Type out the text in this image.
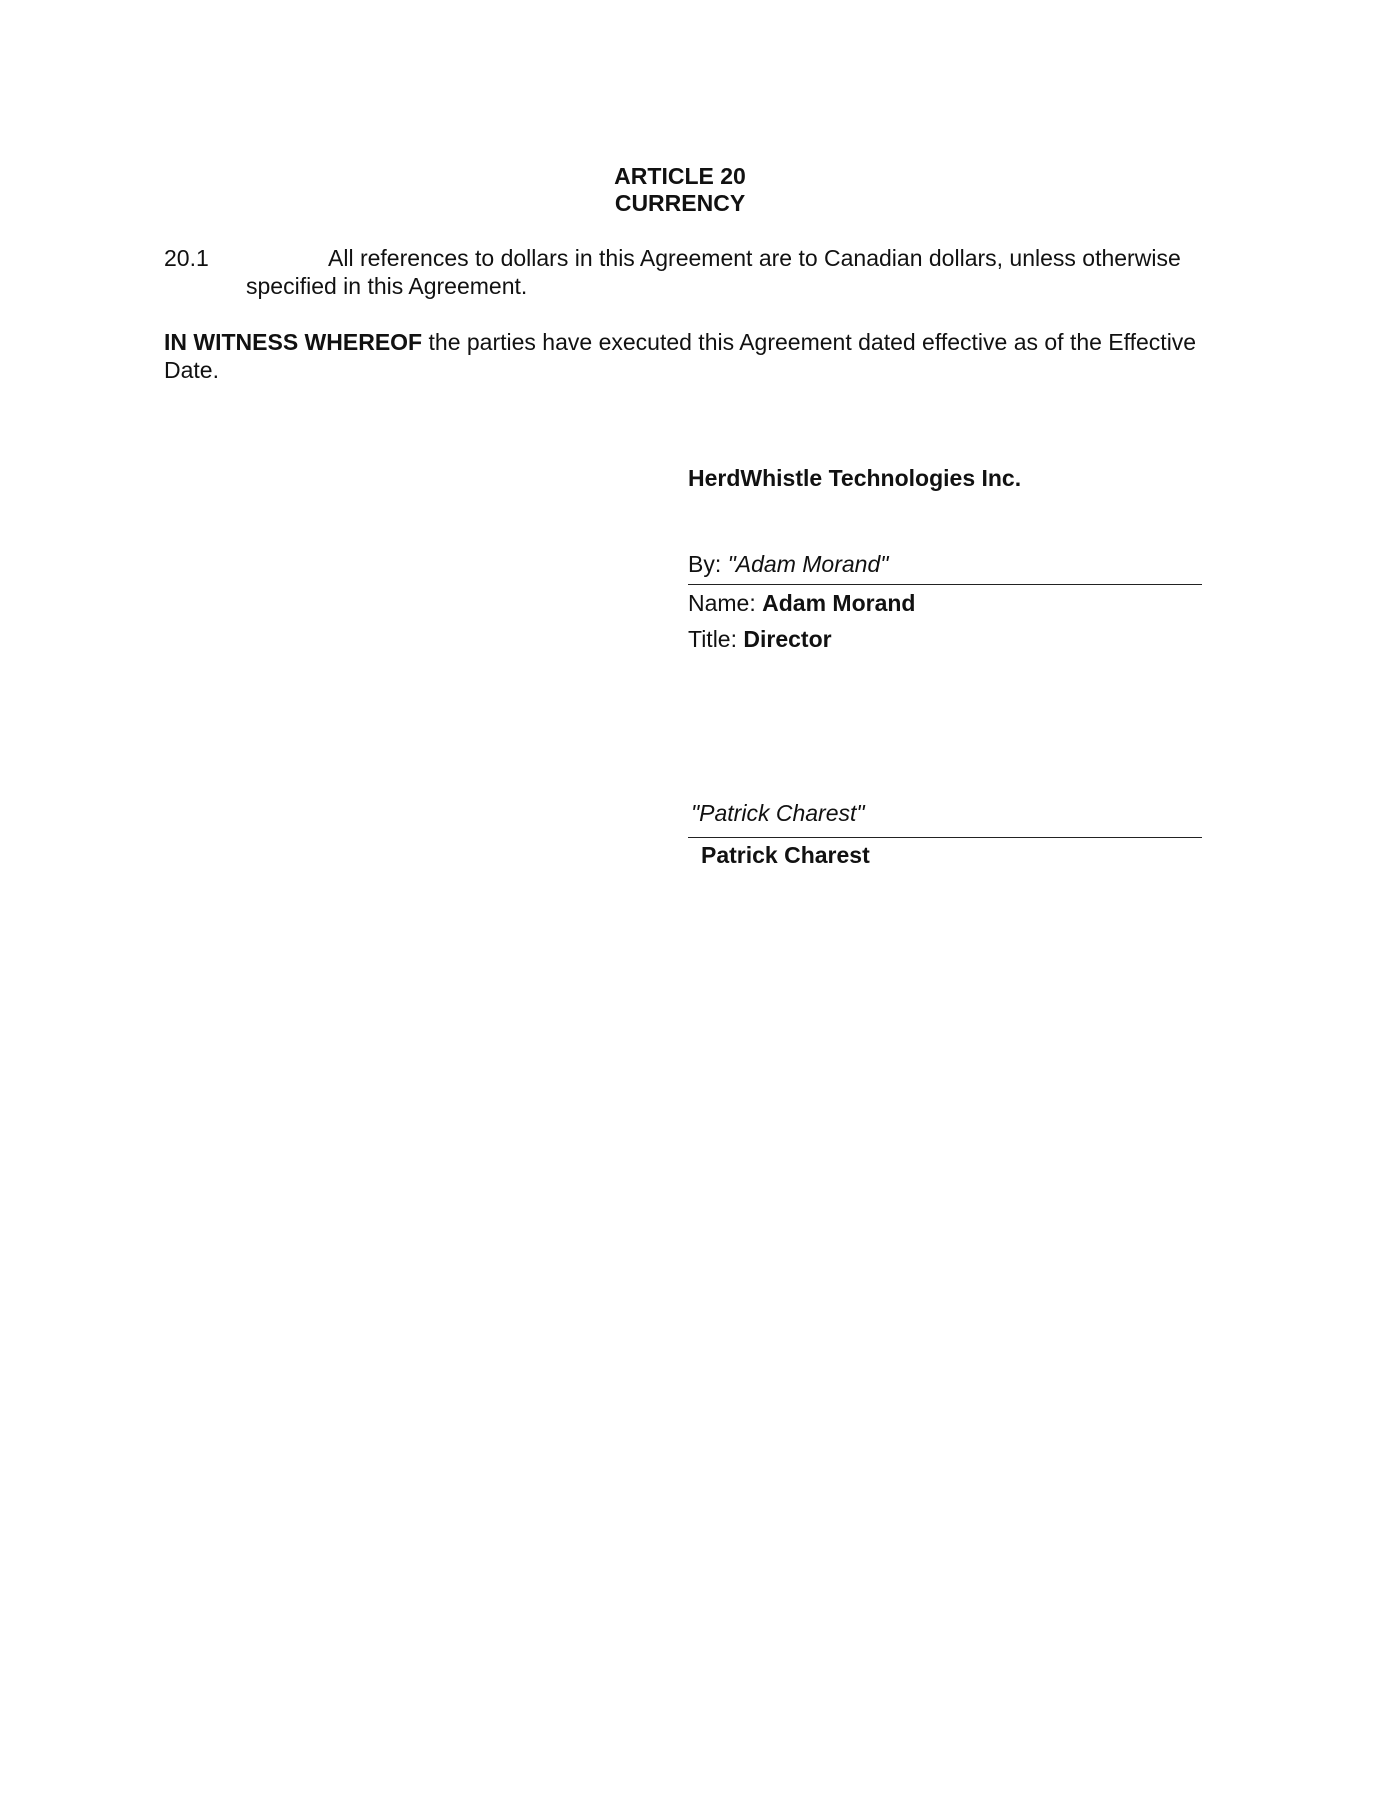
ARTICLE 20
CURRENCY
20.1	All references to dollars in this Agreement are to Canadian dollars, unless otherwise
specified in this Agreement.
IN WITNESS WHEREOF the parties have executed this Agreement dated effective as of the Effective
Date.
HerdWhistle Technologies Inc.
By: "Adam Morand"
Name: Adam Morand
Title: Director
"Patrick Charest"
Patrick Charest
